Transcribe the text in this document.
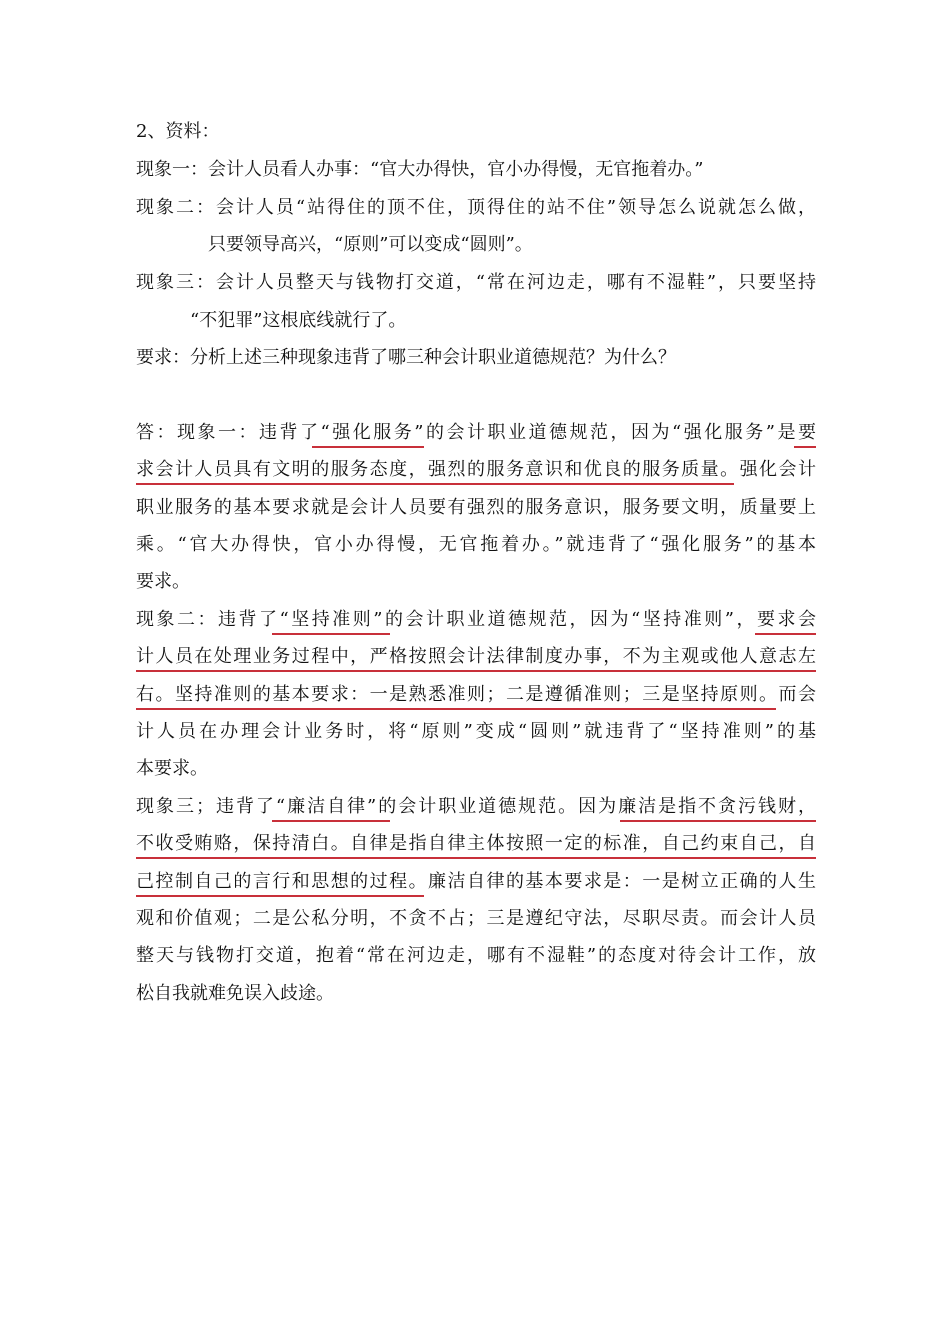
2、资料：
现象一：会计人员看人办事：“官大办得快，官小办得慢，无官拖着办。”
现象二：会计人员“站得住的顶不住，顶得住的站不住”领导怎么说就怎么做，
只要领导高兴，“原则”可以变成“圆则”。
现象三：会计人员整天与钱物打交道，“常在河边走，哪有不湿鞋”，只要坚持
“不犯罪”这根底线就行了。
要求：分析上述三种现象违背了哪三种会计职业道德规范？为什么？
答：现象一：违背了“强化服务”的会计职业道德规范，因为“强化服务”是要
求会计人员具有文明的服务态度，强烈的服务意识和优良的服务质量。强化会计
职业服务的基本要求就是会计人员要有强烈的服务意识，服务要文明，质量要上
乘。“官大办得快，官小办得慢，无官拖着办。”就违背了“强化服务”的基本
要求。
现象二：违背了“坚持准则”的会计职业道德规范，因为“坚持准则”，要求会
计人员在处理业务过程中，严格按照会计法律制度办事，不为主观或他人意志左
右。坚持准则的基本要求：一是熟悉准则；二是遵循准则；三是坚持原则。而会
计人员在办理会计业务时，将“原则”变成“圆则”就违背了“坚持准则”的基
本要求。
现象三；违背了“廉洁自律”的会计职业道德规范。因为廉洁是指不贪污钱财，
不收受贿赂，保持清白。自律是指自律主体按照一定的标准，自己约束自己，自
己控制自己的言行和思想的过程。廉洁自律的基本要求是：一是树立正确的人生
观和价值观；二是公私分明，不贪不占；三是遵纪守法，尽职尽责。而会计人员
整天与钱物打交道，抱着“常在河边走，哪有不湿鞋”的态度对待会计工作，放
松自我就难免误入歧途。
